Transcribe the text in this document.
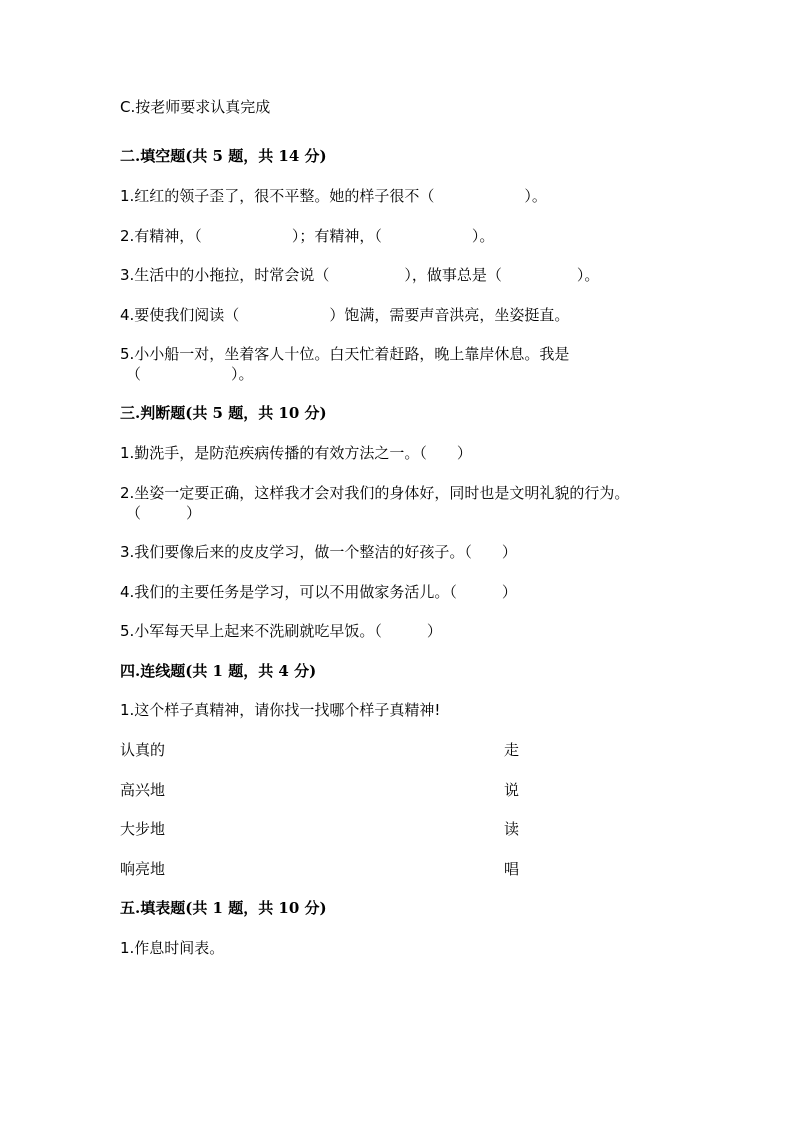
C.按老师要求认真完成
二.填空题(共 5 题，共 14 分)
1.红红的领子歪了，很不平整。她的样子很不（　　　　　　）。
2.有精神，（　　　　　　）；有精神，（　　　　　　）。
3.生活中的小拖拉，时常会说（　　　　　），做事总是（　　　　　）。
4.要使我们阅读（　　　　　　）饱满，需要声音洪亮，坐姿挺直。
5.小小船一对，坐着客人十位。白天忙着赶路，晚上靠岸休息。我是
（　　　　　　）。
三.判断题(共 5 题，共 10 分)
1.勤洗手，是防范疾病传播的有效方法之一。（　　）
2.坐姿一定要正确，这样我才会对我们的身体好，同时也是文明礼貌的行为。
（　　　）
3.我们要像后来的皮皮学习，做一个整洁的好孩子。（　　）
4.我们的主要任务是学习，可以不用做家务活儿。（　　　）
5.小军每天早上起来不洗刷就吃早饭。（　　　）
四.连线题(共 1 题，共 4 分)
1.这个样子真精神，请你找一找哪个样子真精神!
认真的	走
高兴地	说
大步地	读
响亮地	唱
五.填表题(共 1 题，共 10 分)
1.作息时间表。
